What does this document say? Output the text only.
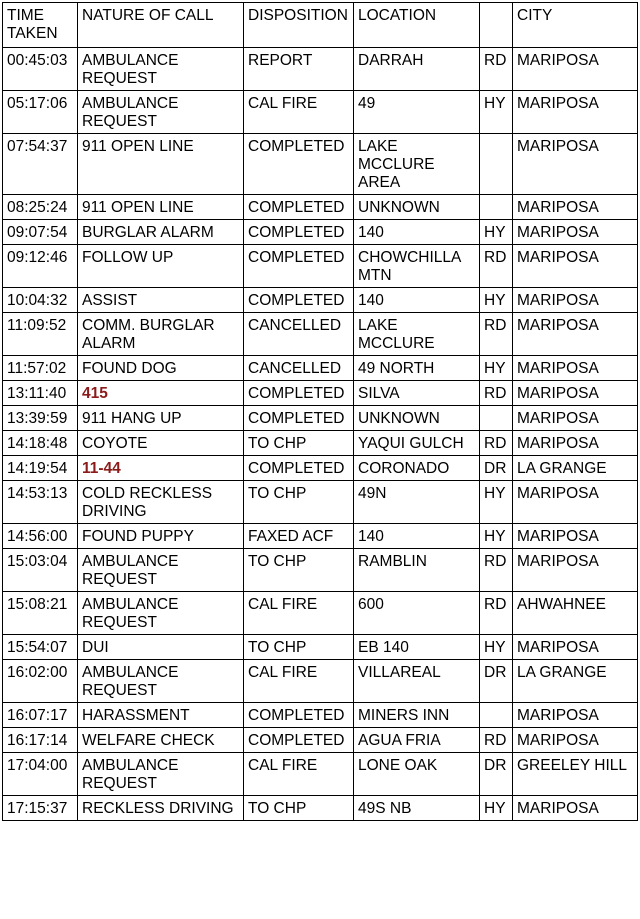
TIME TAKEN	NATURE OF CALL	DISPOSITION	LOCATION		CITY
00:45:03	AMBULANCE REQUEST	REPORT	DARRAH	RD	MARIPOSA
05:17:06	AMBULANCE REQUEST	CAL FIRE	49	HY	MARIPOSA
07:54:37	911 OPEN LINE	COMPLETED	LAKE MCCLURE AREA		MARIPOSA
08:25:24	911 OPEN LINE	COMPLETED	UNKNOWN		MARIPOSA
09:07:54	BURGLAR ALARM	COMPLETED	140	HY	MARIPOSA
09:12:46	FOLLOW UP	COMPLETED	CHOWCHILLA MTN	RD	MARIPOSA
10:04:32	ASSIST	COMPLETED	140	HY	MARIPOSA
11:09:52	COMM. BURGLAR ALARM	CANCELLED	LAKE MCCLURE	RD	MARIPOSA
11:57:02	FOUND DOG	CANCELLED	49 NORTH	HY	MARIPOSA
13:11:40	415	COMPLETED	SILVA	RD	MARIPOSA
13:39:59	911 HANG UP	COMPLETED	UNKNOWN		MARIPOSA
14:18:48	COYOTE	TO CHP	YAQUI GULCH	RD	MARIPOSA
14:19:54	11-44	COMPLETED	CORONADO	DR	LA GRANGE
14:53:13	COLD RECKLESS DRIVING	TO CHP	49N	HY	MARIPOSA
14:56:00	FOUND PUPPY	FAXED ACF	140	HY	MARIPOSA
15:03:04	AMBULANCE REQUEST	TO CHP	RAMBLIN	RD	MARIPOSA
15:08:21	AMBULANCE REQUEST	CAL FIRE	600	RD	AHWAHNEE
15:54:07	DUI	TO CHP	EB 140	HY	MARIPOSA
16:02:00	AMBULANCE REQUEST	CAL FIRE	VILLAREAL	DR	LA GRANGE
16:07:17	HARASSMENT	COMPLETED	MINERS INN		MARIPOSA
16:17:14	WELFARE CHECK	COMPLETED	AGUA FRIA	RD	MARIPOSA
17:04:00	AMBULANCE REQUEST	CAL FIRE	LONE OAK	DR	GREELEY HILL
17:15:37	RECKLESS DRIVING	TO CHP	49S NB	HY	MARIPOSA
